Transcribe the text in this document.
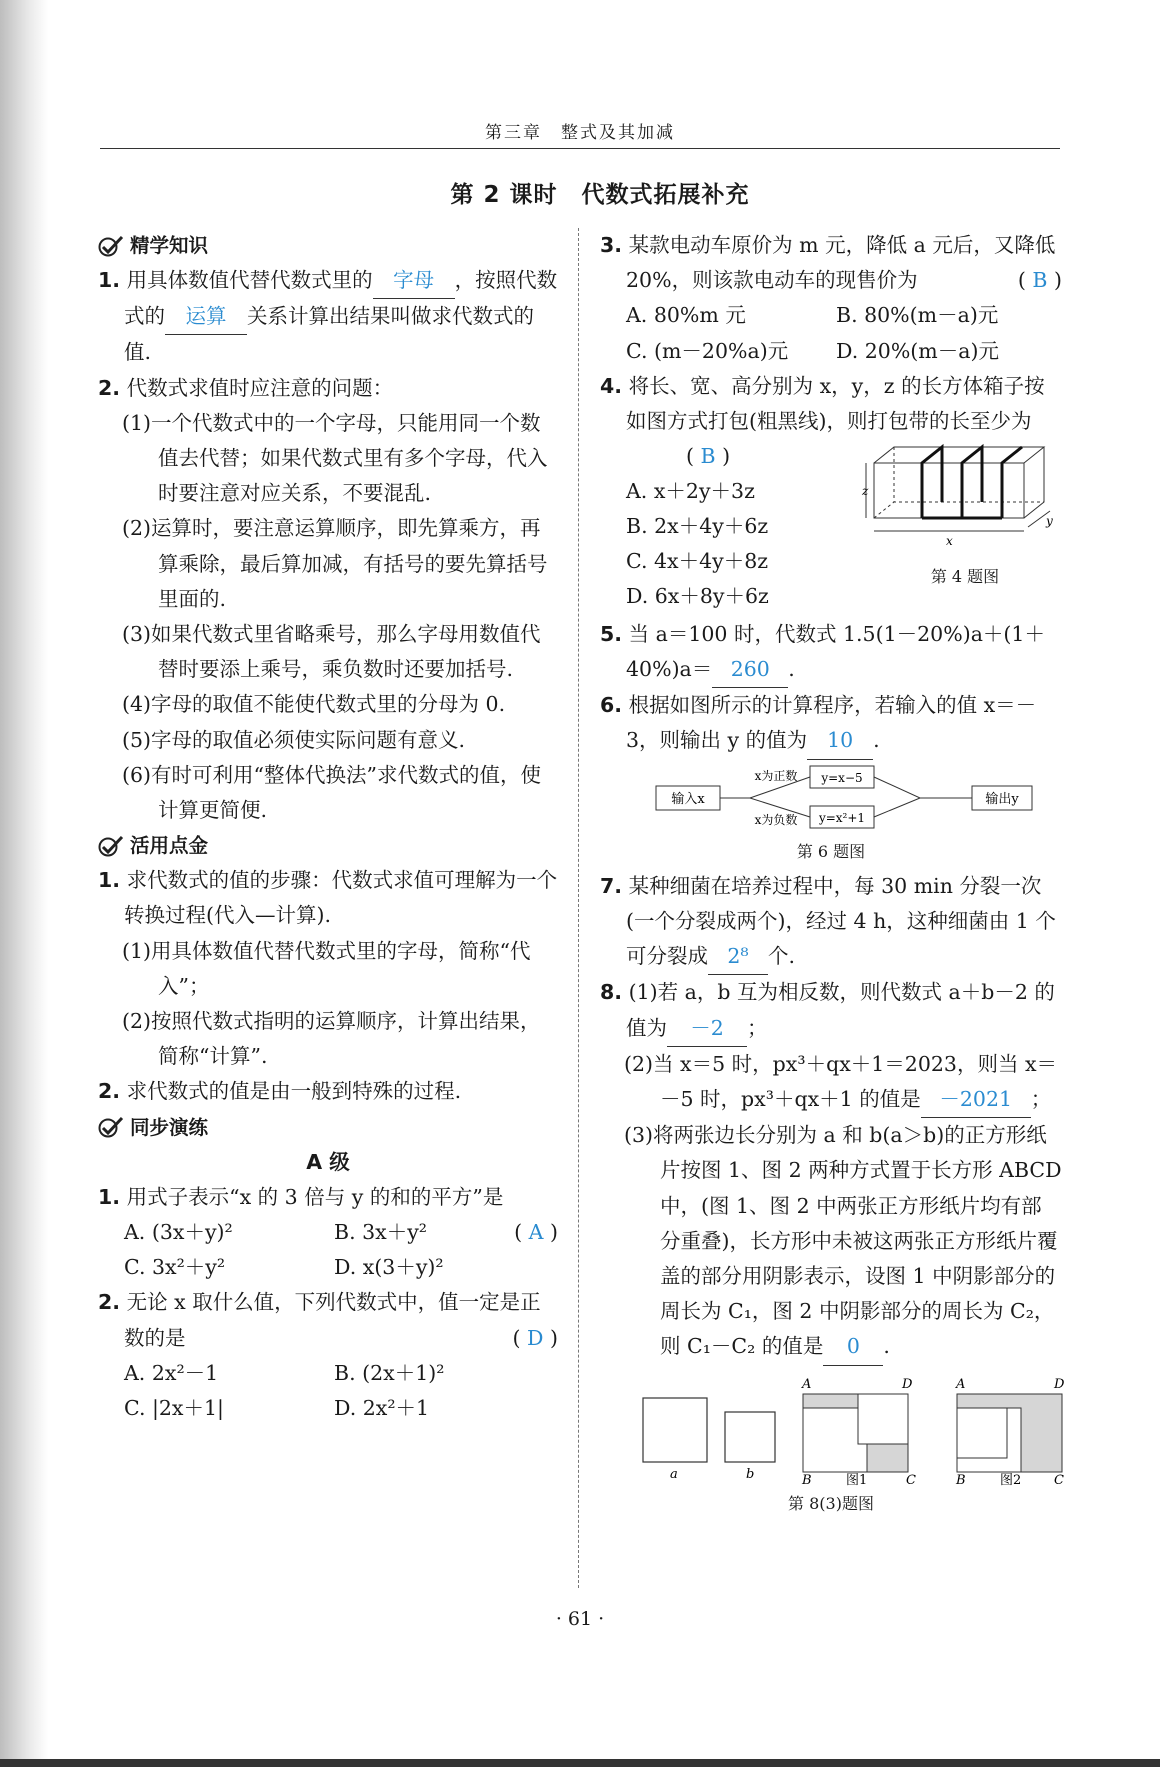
第三章　整式及其加减
第 2 课时　代数式拓展补充
精学知识

1. 用具体数值代替代数式里的 字母 ，按照代数式的 运算 关系计算出结果叫做求代数式的值.

2. 代数式求值时应注意的问题：

(1)一个代数式中的一个字母，只能用同一个数值去代替；如果代数式里有多个字母，代入时要注意对应关系，不要混乱.

(2)运算时，要注意运算顺序，即先算乘方，再算乘除，最后算加减，有括号的要先算括号里面的.

(3)如果代数式里省略乘号，那么字母用数值代替时要添上乘号，乘负数时还要加括号.

(4)字母的取值不能使代数式里的分母为 0.

(5)字母的取值必须使实际问题有意义.

(6)有时可利用“整体代换法”求代数式的值，使计算更简便.

活用点金

1. 求代数式的值的步骤：代数式求值可理解为一个转换过程(代入—计算).

(1)用具体数值代替代数式里的字母，简称“代入”；

(2)按照代数式指明的运算顺序，计算出结果，简称“计算”.

2. 求代数式的值是由一般到特殊的过程.

同步演练

A 级

1. 用式子表示“x 的 3 倍与 y 的和的平方”是

( A )

A. (3x＋y)²	B. 3x＋y²
C. 3x²＋y²	D. x(3＋y)²

2. 无论 x 取什么值，下列代数式中，值一定是正数的是	( D )

A. 2x²－1	B. (2x＋1)²
C. |2x＋1|	D. 2x²＋1

3. 某款电动车原价为 m 元，降低 a 元后，又降低 20%，则该款电动车的现售价为	( B )

A. 80%m 元	B. 80%(m－a)元
C. (m－20%a)元	D. 20%(m－a)元

4. 将长、宽、高分别为 x，y，z 的长方体箱子按如图方式打包(粗黑线)，则打包带的长至少为 ( B )

A. x＋2y＋3z
B. 2x＋4y＋6z
C. 4x＋4y＋8z
D. 6x＋8y＋6z
z
x
y
第 4 题图

5. 当 a＝100 时，代数式 1.5(1－20%)a＋(1＋40%)a＝ 260 .

6. 根据如图所示的计算程序，若输入的值 x＝－3，则输出 y 的值为 10 .

输入x
x为正数
x为负数
y=x−5
y=x²+1
输出y
第 6 题图

7. 某种细菌在培养过程中，每 30 min 分裂一次(一个分裂成两个)，经过 4 h，这种细菌由 1 个可分裂成 2⁸ 个.

8. (1)若 a，b 互为相反数，则代数式 a＋b－2 的值为 －2 ；

(2)当 x＝5 时，px³＋qx＋1＝2023，则当 x＝－5 时，px³＋qx＋1 的值是 －2021 ；

(3)将两张边长分别为 a 和 b(a＞b)的正方形纸片按图 1、图 2 两种方式置于长方形 ABCD 中，(图 1、图 2 中两张正方形纸片均有部分重叠)，长方形中未被这两张正方形纸片覆盖的部分用阴影表示，设图 1 中阴影部分的周长为 C₁，图 2 中阴影部分的周长为 C₂，则 C₁－C₂ 的值是 0 .

a	b
A	D
B	C
A	D
B	C
图1	图2
第 8(3)题图
· 61 ·
